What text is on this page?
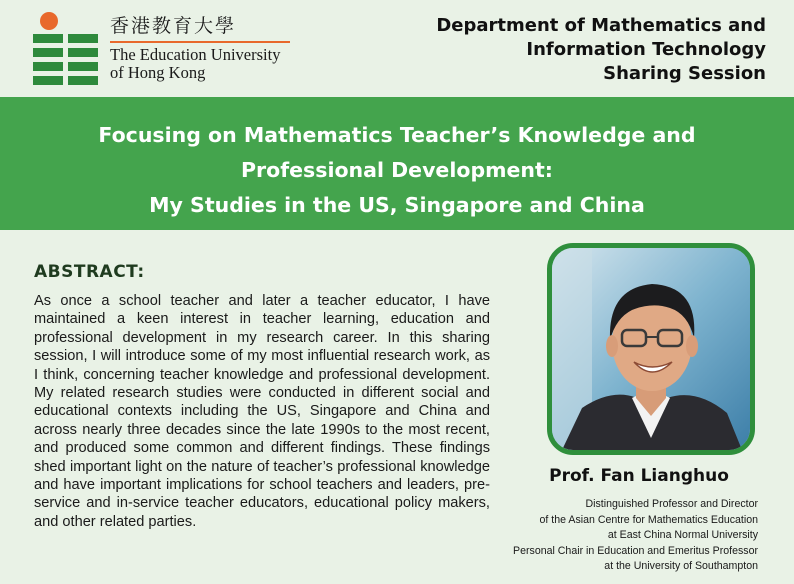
香港教育大學
The Education University
of Hong Kong
Department of Mathematics and
Information Technology
Sharing Session
Focusing on Mathematics Teacher’s Knowledge and
Professional Development:
My Studies in the US, Singapore and China
ABSTRACT:
As once a school teacher and later a teacher educator, I have maintained a keen interest in teacher learning, education and professional development in my research career. In this sharing session, I will introduce some of my most influential research work, as I think, concerning teacher knowledge and professional development. My related research studies were conducted in different social and educational contexts including the US, Singapore and China and across nearly three decades since the late 1990s to the most recent, and produced some common and different findings. These findings shed important light on the nature of teacher’s professional knowledge and have important implications for school teachers and leaders, pre-service and in-service teacher educators, educational policy makers, and other related parties.
Prof. Fan Lianghuo
Distinguished Professor and Director
of the Asian Centre for Mathematics Education
at East China Normal University
Personal Chair in Education and Emeritus Professor
at the University of Southampton
